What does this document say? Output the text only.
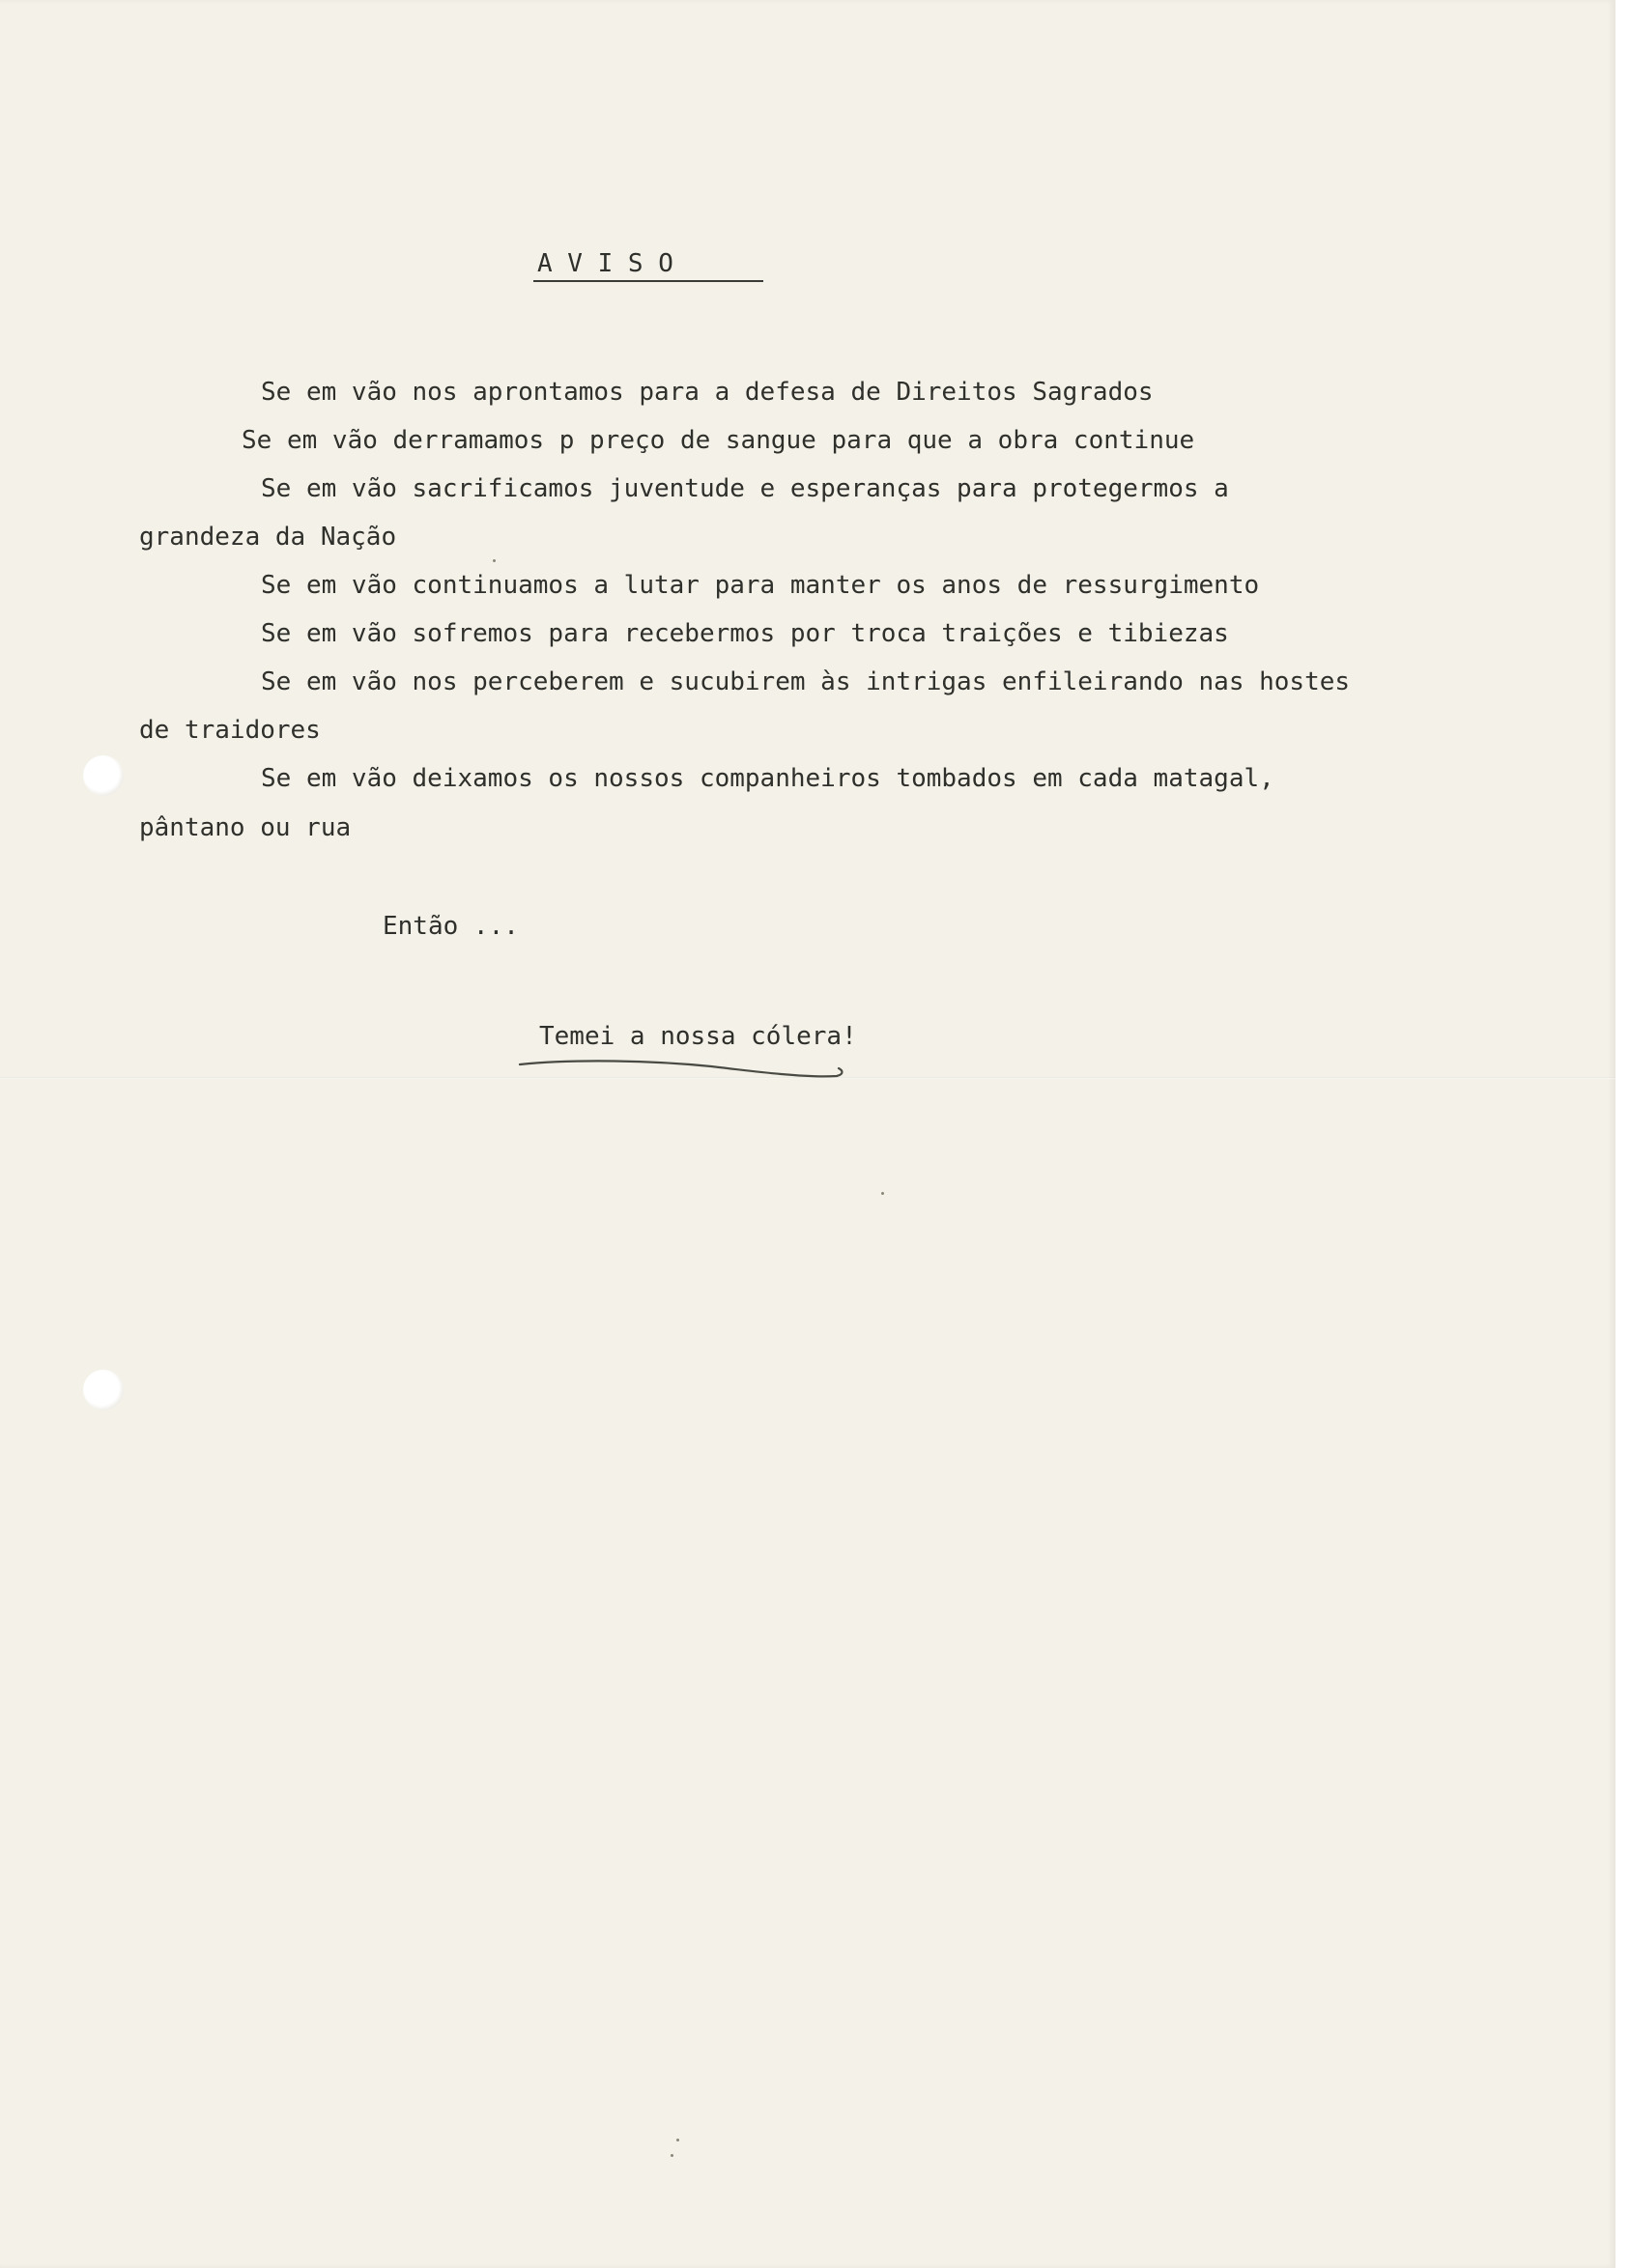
A V I S O
Se em vão nos aprontamos para a defesa de Direitos Sagrados
Se em vão derramamos p preço de sangue para que a obra continue
Se em vão sacrificamos juventude e esperanças para protegermos a
grandeza da Nação
Se em vão continuamos a lutar para manter os anos de ressurgimento
Se em vão sofremos para recebermos por troca traições e tibiezas
Se em vão nos perceberem e sucubirem às intrigas enfileirando nas hostes
de traidores
Se em vão deixamos os nossos companheiros tombados em cada matagal,
pântano ou rua
Então ...
Temei a nossa cólera!
